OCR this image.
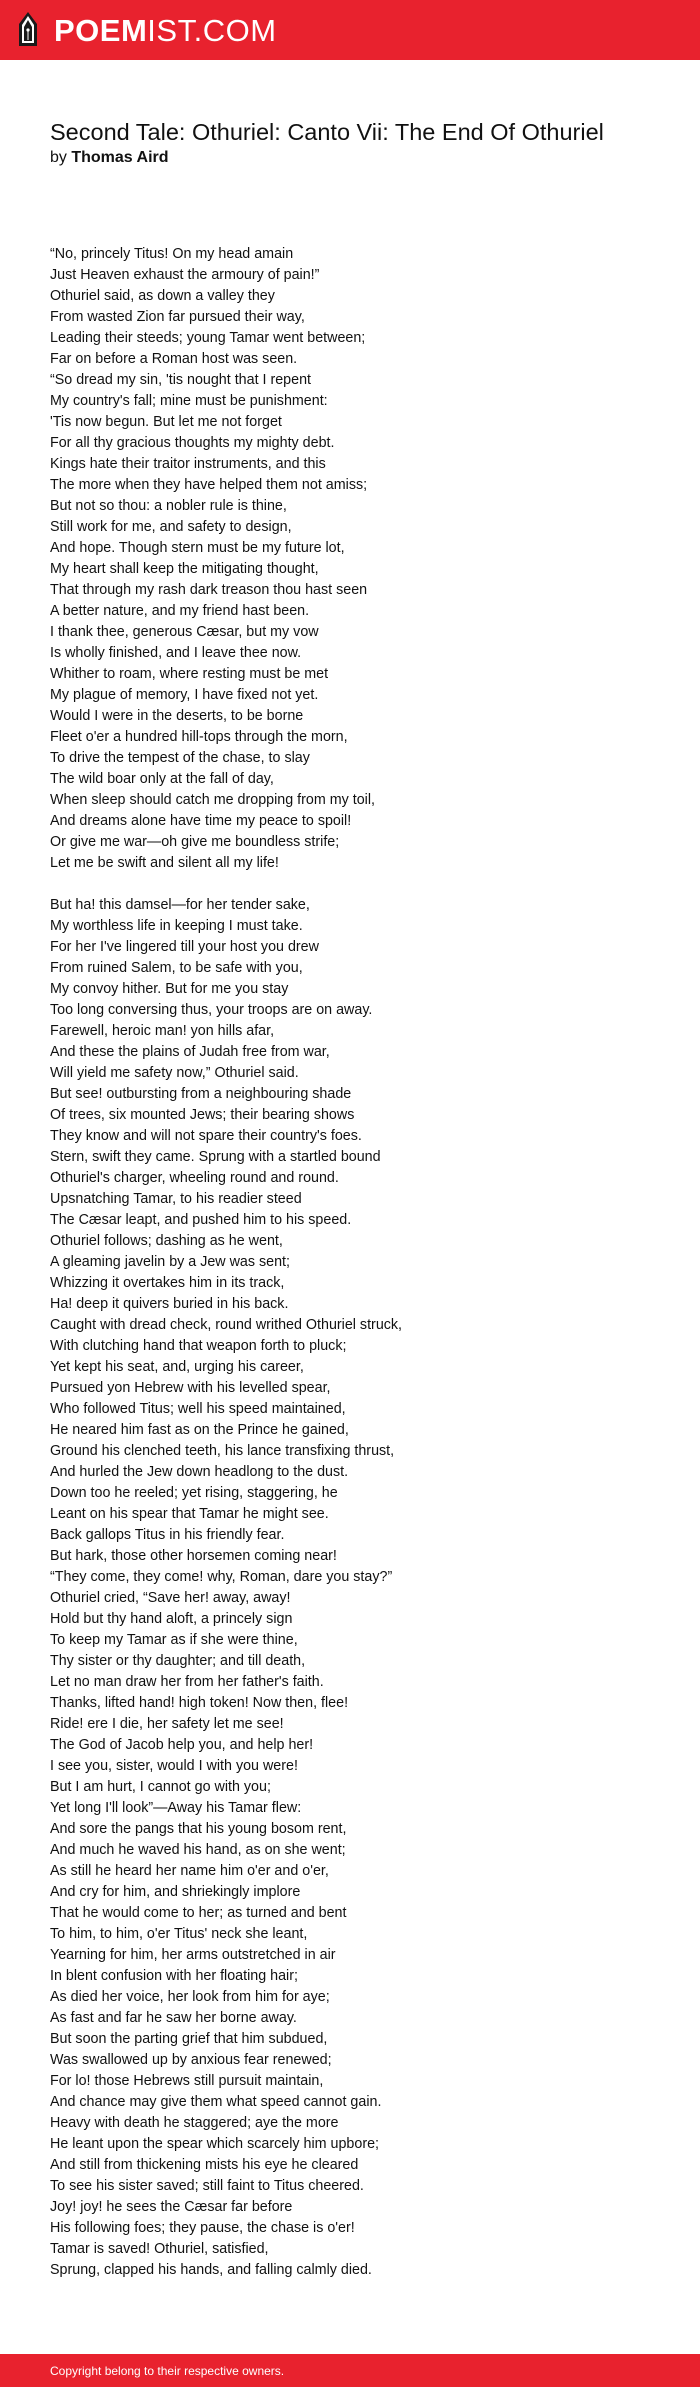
POEMIST.COM
Second Tale: Othuriel: Canto Vii: The End Of Othuriel
by Thomas Aird
“No, princely Titus! On my head amain
Just Heaven exhaust the armoury of pain!”
Othuriel said, as down a valley they
From wasted Zion far pursued their way,
Leading their steeds; young Tamar went between;
Far on before a Roman host was seen.
“So dread my sin, 'tis nought that I repent
My country's fall; mine must be punishment:
'Tis now begun. But let me not forget
For all thy gracious thoughts my mighty debt.
Kings hate their traitor instruments, and this
The more when they have helped them not amiss;
But not so thou: a nobler rule is thine,
Still work for me, and safety to design,
And hope. Though stern must be my future lot,
My heart shall keep the mitigating thought,
That through my rash dark treason thou hast seen
A better nature, and my friend hast been.
I thank thee, generous Cæsar, but my vow
Is wholly finished, and I leave thee now.
Whither to roam, where resting must be met
My plague of memory, I have fixed not yet.
Would I were in the deserts, to be borne
Fleet o'er a hundred hill-tops through the morn,
To drive the tempest of the chase, to slay
The wild boar only at the fall of day,
When sleep should catch me dropping from my toil,
And dreams alone have time my peace to spoil!
Or give me war—oh give me boundless strife;
Let me be swift and silent all my life!
But ha! this damsel—for her tender sake,
My worthless life in keeping I must take.
For her I've lingered till your host you drew
From ruined Salem, to be safe with you,
My convoy hither. But for me you stay
Too long conversing thus, your troops are on away.
Farewell, heroic man! yon hills afar,
And these the plains of Judah free from war,
Will yield me safety now,” Othuriel said.
But see! outbursting from a neighbouring shade
Of trees, six mounted Jews; their bearing shows
They know and will not spare their country's foes.
Stern, swift they came. Sprung with a startled bound
Othuriel's charger, wheeling round and round.
Upsnatching Tamar, to his readier steed
The Cæsar leapt, and pushed him to his speed.
Othuriel follows; dashing as he went,
A gleaming javelin by a Jew was sent;
Whizzing it overtakes him in its track,
Ha! deep it quivers buried in his back.
Caught with dread check, round writhed Othuriel struck,
With clutching hand that weapon forth to pluck;
Yet kept his seat, and, urging his career,
Pursued yon Hebrew with his levelled spear,
Who followed Titus; well his speed maintained,
He neared him fast as on the Prince he gained,
Ground his clenched teeth, his lance transfixing thrust,
And hurled the Jew down headlong to the dust.
Down too he reeled; yet rising, staggering, he
Leant on his spear that Tamar he might see.
Back gallops Titus in his friendly fear.
But hark, those other horsemen coming near!
“They come, they come! why, Roman, dare you stay?”
Othuriel cried, “Save her! away, away!
Hold but thy hand aloft, a princely sign
To keep my Tamar as if she were thine,
Thy sister or thy daughter; and till death,
Let no man draw her from her father's faith.
Thanks, lifted hand! high token! Now then, flee!
Ride! ere I die, her safety let me see!
The God of Jacob help you, and help her!
I see you, sister, would I with you were!
But I am hurt, I cannot go with you;
Yet long I'll look”—Away his Tamar flew:
And sore the pangs that his young bosom rent,
And much he waved his hand, as on she went;
As still he heard her name him o'er and o'er,
And cry for him, and shriekingly implore
That he would come to her; as turned and bent
To him, to him, o'er Titus' neck she leant,
Yearning for him, her arms outstretched in air
In blent confusion with her floating hair;
As died her voice, her look from him for aye;
As fast and far he saw her borne away.
But soon the parting grief that him subdued,
Was swallowed up by anxious fear renewed;
For lo! those Hebrews still pursuit maintain,
And chance may give them what speed cannot gain.
Heavy with death he staggered; aye the more
He leant upon the spear which scarcely him upbore;
And still from thickening mists his eye he cleared
To see his sister saved; still faint to Titus cheered.
Joy! joy! he sees the Cæsar far before
His following foes; they pause, the chase is o'er!
Tamar is saved! Othuriel, satisfied,
Sprung, clapped his hands, and falling calmly died.
Copyright belong to their respective owners.
